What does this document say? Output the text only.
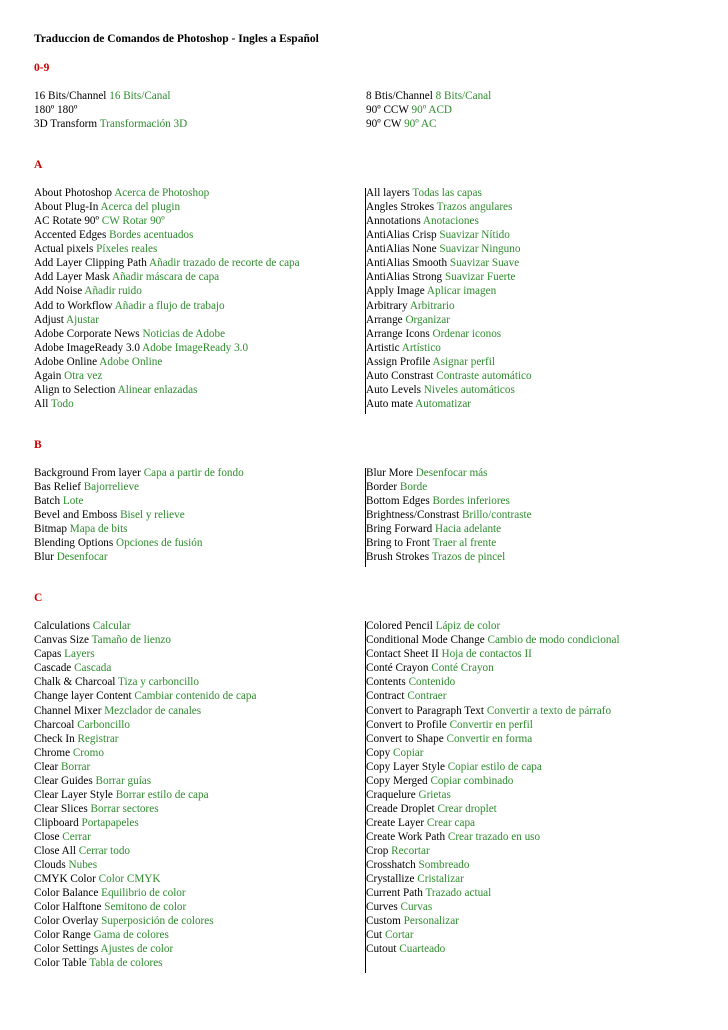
Traduccion de Comandos de Photoshop - Ingles a Español
0-9
16 Bits/Channel 16 Bits/Canal
180º 180º
3D Transform Transformación 3D
8 Btis/Channel 8 Bits/Canal
90º CCW 90º ACD
90º CW 90º AC
A
About Photoshop Acerca de Photoshop
About Plug-In Acerca del plugin
AC Rotate 90º CW Rotar 90º
Accented Edges Bordes acentuados
Actual pixels Píxeles reales
Add Layer Clipping Path Añadir trazado de recorte de capa
Add Layer Mask Añadir máscara de capa
Add Noise Añadir ruido
Add to Workflow Añadir a flujo de trabajo
Adjust Ajustar
Adobe Corporate News Noticias de Adobe
Adobe ImageReady 3.0 Adobe ImageReady 3.0
Adobe Online Adobe Online
Again Otra vez
Align to Selection Alinear enlazadas
All Todo
All layers Todas las capas
Angles Strokes Trazos angulares
Annotations Anotaciones
AntiAlias Crisp Suavizar Nítido
AntiAlias None Suavizar Ninguno
AntiAlias Smooth Suavizar Suave
AntiAlias Strong Suavizar Fuerte
Apply Image Aplicar imagen
Arbitrary Arbitrario
Arrange Organizar
Arrange Icons Ordenar iconos
Artistic Artístico
Assign Profile Asignar perfil
Auto Constrast Contraste automático
Auto Levels Niveles automáticos
Auto mate Automatizar
B
Background From layer Capa a partir de fondo
Bas Relief Bajorrelieve
Batch Lote
Bevel and Emboss Bisel y relieve
Bitmap Mapa de bits
Blending Options Opciones de fusión
Blur Desenfocar
Blur More Desenfocar más
Border Borde
Bottom Edges Bordes inferiores
Brightness/Constrast Brillo/contraste
Bring Forward Hacia adelante
Bring to Front Traer al frente
Brush Strokes Trazos de pincel
C
Calculations Calcular
Canvas Size Tamaño de lienzo
Capas Layers
Cascade Cascada
Chalk & Charcoal Tiza y carboncillo
Change layer Content Cambiar contenido de capa
Channel Mixer Mezclador de canales
Charcoal Carboncillo
Check In Registrar
Chrome Cromo
Clear Borrar
Clear Guides Borrar guías
Clear Layer Style Borrar estilo de capa
Clear Slices Borrar sectores
Clipboard Portapapeles
Close Cerrar
Close All Cerrar todo
Clouds Nubes
CMYK Color Color CMYK
Color Balance Equilibrio de color
Color Halftone Semitono de color
Color Overlay Superposición de colores
Color Range Gama de colores
Color Settings Ajustes de color
Color Table Tabla de colores
Colored Pencil Lápiz de color
Conditional Mode Change Cambio de modo condicional
Contact Sheet II Hoja de contactos II
Conté Crayon Conté Crayon
Contents Contenido
Contract Contraer
Convert to Paragraph Text Convertir a texto de párrafo
Convert to Profile Convertir en perfil
Convert to Shape Convertir en forma
Copy Copiar
Copy Layer Style Copiar estilo de capa
Copy Merged Copiar combinado
Craquelure Grietas
Creade Droplet Crear droplet
Create Layer Crear capa
Create Work Path Crear trazado en uso
Crop Recortar
Crosshatch Sombreado
Crystallize Cristalizar
Current Path Trazado actual
Curves Curvas
Custom Personalizar
Cut Cortar
Cutout Cuarteado
